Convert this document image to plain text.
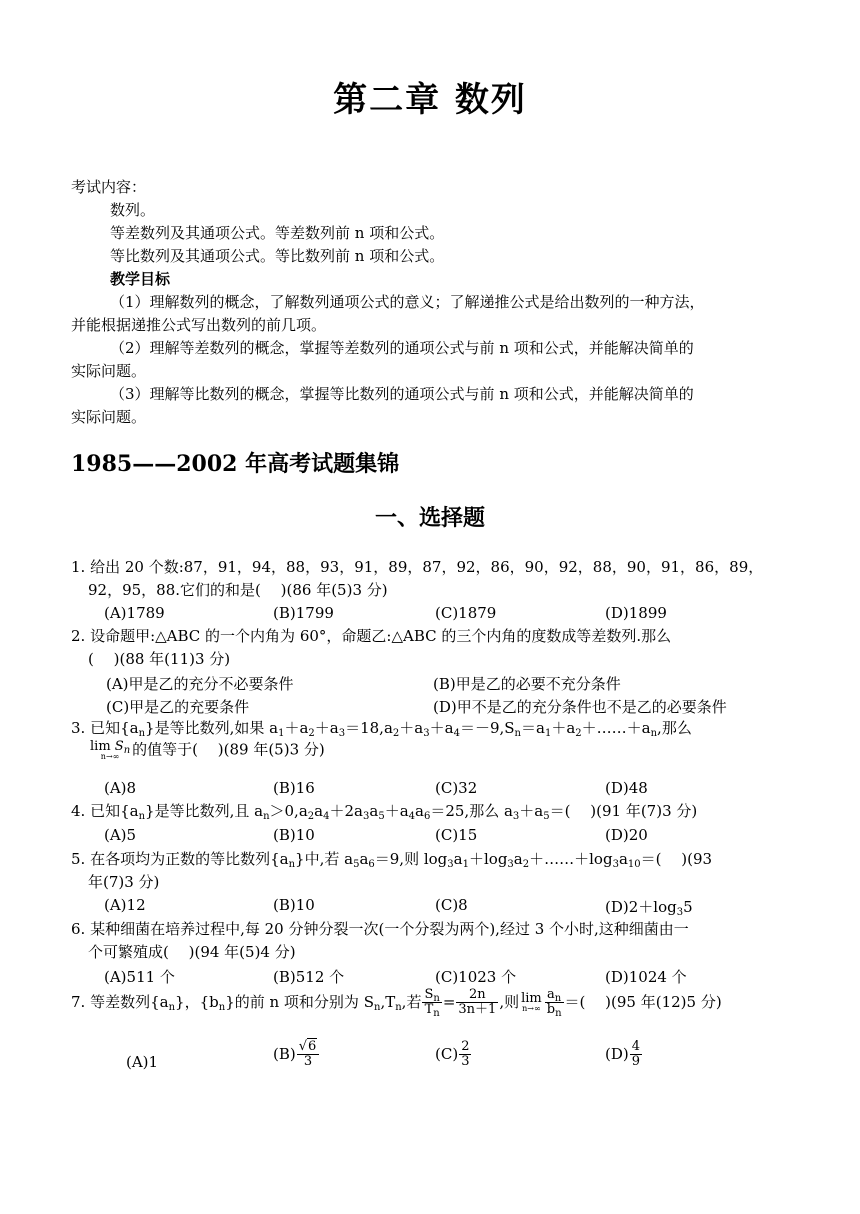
第二章 数列
考试内容：
数列。
等差数列及其通项公式。等差数列前 n 项和公式。
等比数列及其通项公式。等比数列前 n 项和公式。
教学目标
（1）理解数列的概念，了解数列通项公式的意义；了解递推公式是给出数列的一种方法，
并能根据递推公式写出数列的前几项。
（2）理解等差数列的概念，掌握等差数列的通项公式与前 n 项和公式，并能解决简单的
实际问题。
（3）理解等比数列的概念，掌握等比数列的通项公式与前 n 项和公式，并能解决简单的
实际问题。
1985——2002 年高考试题集锦
一、选择题
1. 给出 20 个数:87，91，94，88，93，91，89，87，92，86，90，92，88，90，91，86，89，
92，95，88.它们的和是(　 )(86 年(5)3 分)
(A)1789	(B)1799	(C)1879	(D)1899
2. 设命题甲:△ABC 的一个内角为 60°，命题乙:△ABC 的三个内角的度数成等差数列.那么
(　 )(88 年(11)3 分)
(A)甲是乙的充分不必要条件	(B)甲是乙的必要不充分条件
(C)甲是乙的充要条件	(D)甲不是乙的充分条件也不是乙的必要条件
3. 已知$\{a_n\}$是等比数列,如果 $a_1+a_2+a_3=18,a_2+a_3+a_4=-9,S_n=a_1+a_2+\dots\dots+a_n$,那么
$\lim S_n$
n→∞ 的值等于(　 )(89 年(5)3 分)
(A)8	(B)16	(C)32	(D)48
4. 已知$\{a_n\}$是等比数列,且 $a_n>0,a_2a_4+2a_3a_5+a_4a_6=25$,那么 $a_3+a_5=$(　 )(91 年(7)3 分)
(A)5	(B)10	(C)15	(D)20
5. 在各项均为正数的等比数列$\{a_n\}$中,若 $a_5a_6=9$,则 $\log_3a_1+\log_3a_2+\dots\dots+\log_3a_{10}=$(　 )(93
年(7)3 分)
(A)12	(B)10	(C)8	$(D)2+\log_35$
6. 某种细菌在培养过程中,每 20 分钟分裂一次(一个分裂为两个),经过 3 个小时,这种细菌由一
个可繁殖成(　 )(94 年(5)4 分)
(A)511 个	(B)512 个	(C)1023 个	(D)1024 个
7. 等差数列$\{a_n\}$，$\{b_n\}$的前 n 项和分别为 $S_n,T_n$,若 $\frac{S_n}{T_n} = \frac{2n}{3n+1}$ ,则 lim
$n\to\infty \frac{a_n}{b_n}$ ＝(　 )(95 年(12)5 分)
(A)1	$(B) \frac{√6}{3}$	$(C) \frac{2}{3}$	$(D) \frac{4}{9}$
